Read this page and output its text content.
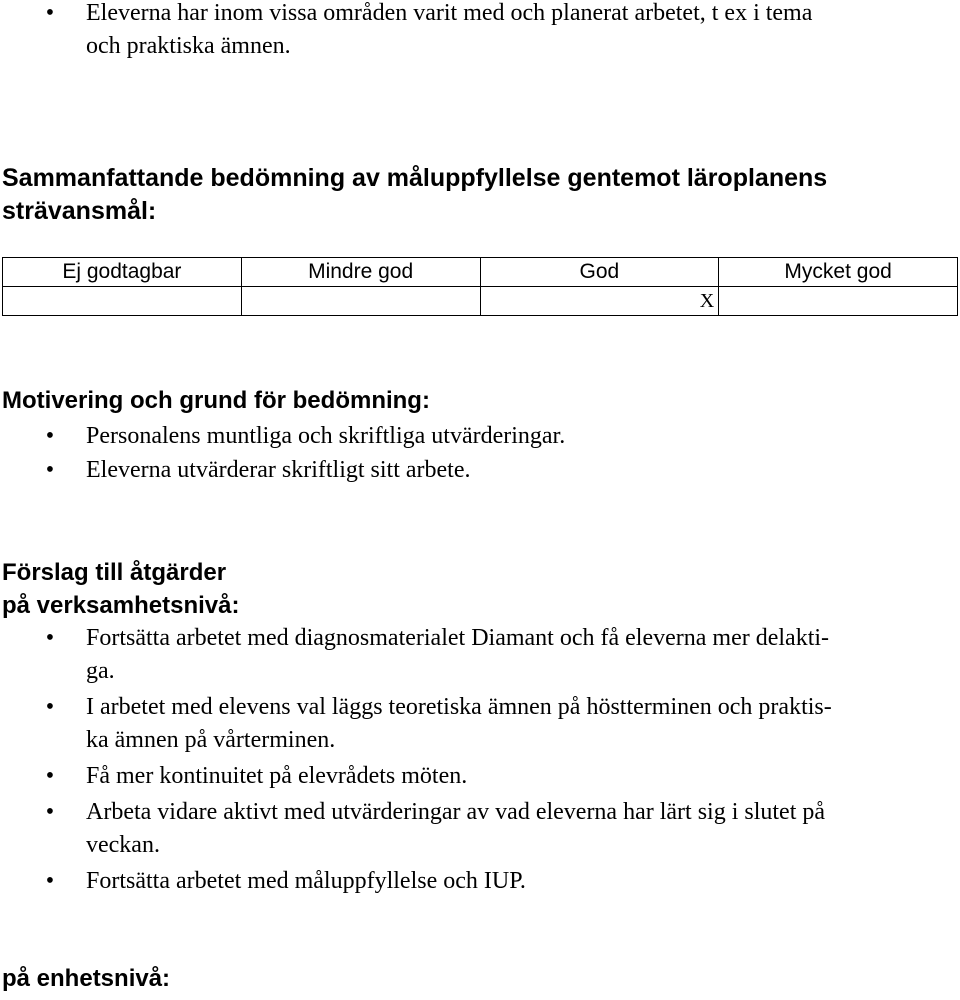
•
Eleverna har inom vissa områden varit med och planerat arbetet, t ex i tema
och praktiska ämnen.
Sammanfattande bedömning av måluppfyllelse gentemot läroplanens
strävansmål:
Ej godtagbar	Mindre god	God	Mycket god
		X	
Motivering och grund för bedömning:
•
Personalens muntliga och skriftliga utvärderingar.
•
Eleverna utvärderar skriftligt sitt arbete.
Förslag till åtgärder
på verksamhetsnivå:
•
Fortsätta arbetet med diagnosmaterialet Diamant och få eleverna mer delakti-
ga.
•
I arbetet med elevens val läggs teoretiska ämnen på höstterminen och praktis-
ka ämnen på vårterminen.
•
Få mer kontinuitet på elevrådets möten.
•
Arbeta vidare aktivt med utvärderingar av vad eleverna har lärt sig i slutet på
veckan.
•
Fortsätta arbetet med måluppfyllelse och IUP.
på enhetsnivå:
